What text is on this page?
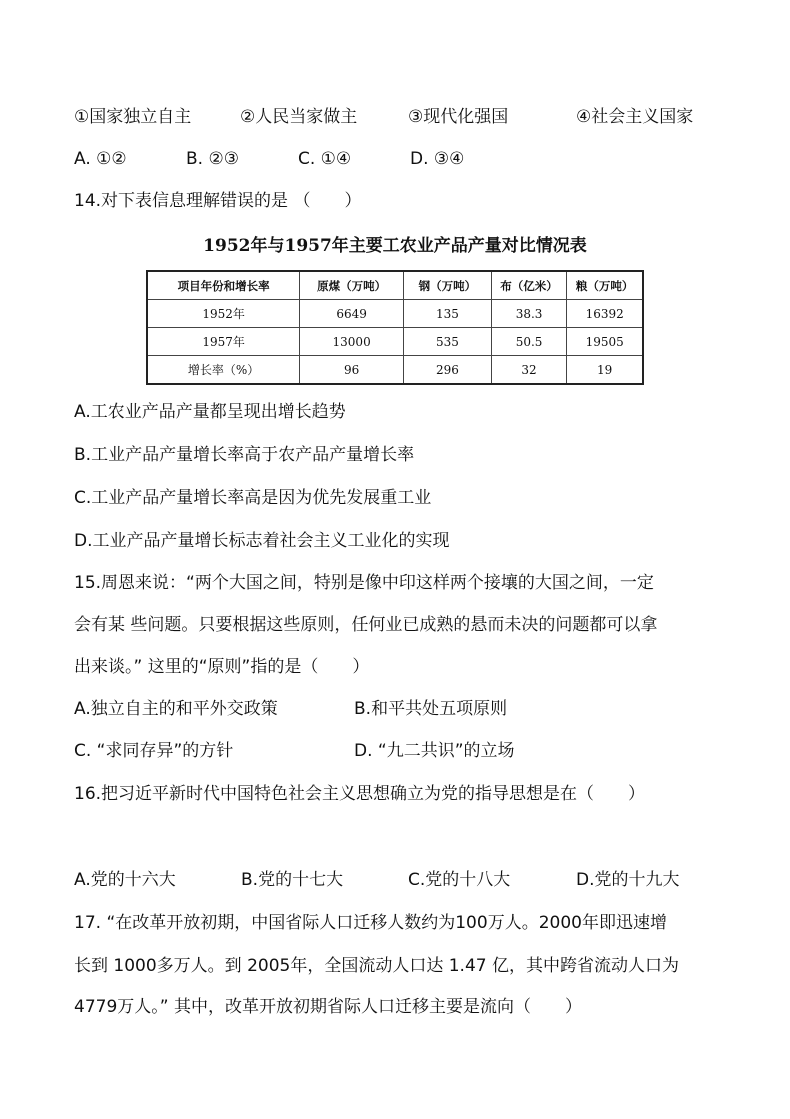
①国家独立自主	②人民当家做主	③现代化强国	④社会主义国家
A. ①②	B. ②③	C. ①④	D. ③④
14.对下表信息理解错误的是 （　　）
1952年与1957年主要工农业产品产量对比情况表
项目年份和增长率	原煤（万吨）	钢（万吨）	布（亿米）	粮（万吨）
1952年	6649	135	38.3	16392
1957年	13000	535	50.5	19505
增长率（%）	96	296	32	19
A.工农业产品产量都呈现出增长趋势
B.工业产品产量增长率高于农产品产量增长率
C.工业产品产量增长率高是因为优先发展重工业
D.工业产品产量增长标志着社会主义工业化的实现
15.周恩来说：“两个大国之间，特别是像中印这样两个接壤的大国之间，一定
会有某 些问题。只要根据这些原则，任何业已成熟的悬而未决的问题都可以拿
出来谈。” 这里的“原则”指的是（　　）
A.独立自主的和平外交政策	B.和平共处五项原则
C. “求同存异”的方针	D. “九二共识”的立场
16.把习近平新时代中国特色社会主义思想确立为党的指导思想是在（　　）
A.党的十六大	B.党的十七大	C.党的十八大	D.党的十九大
17. “在改革开放初期，中国省际人口迁移人数约为100万人。2000年即迅速增
长到 1000多万人。到 2005年，全国流动人口达 1.47 亿，其中跨省流动人口为
4779万人。” 其中，改革开放初期省际人口迁移主要是流向（　　）
